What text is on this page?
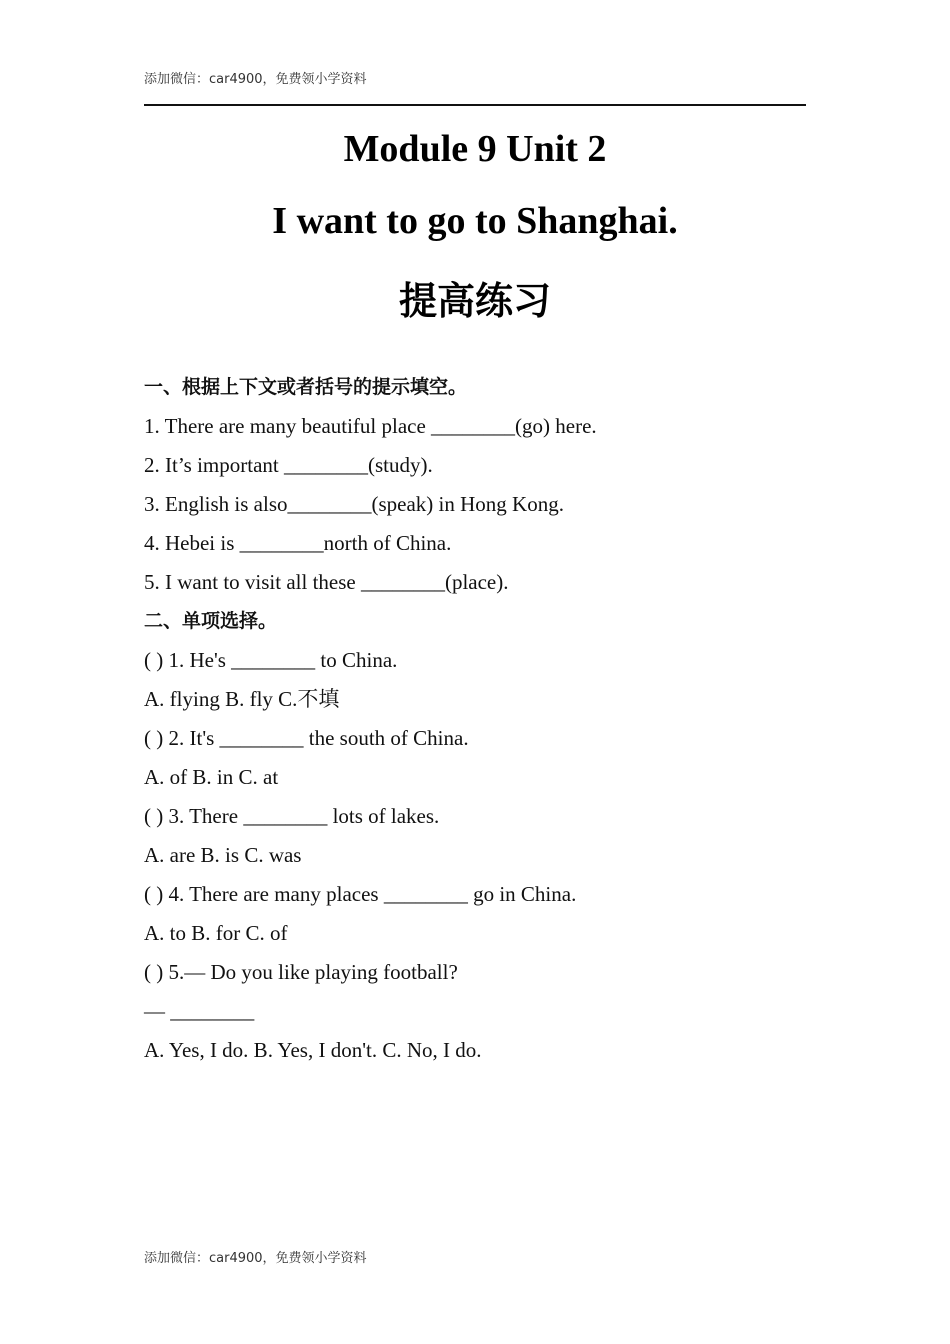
添加微信：car4900，免费领小学资料
Module 9 Unit 2
I want to go to Shanghai.
提高练习
一、根据上下文或者括号的提示填空。
1. There are many beautiful place ________(go) here.
2. It’s important ________(study).
3. English is also________(speak) in Hong Kong.
4. Hebei is ________north of China.
5. I want to visit all these ________(place).
二、单项选择。
( ) 1. He's ________ to China.
A. flying B. fly C.不填
( ) 2. It's ________ the south of China.
A. of B. in C. at
( ) 3. There ________ lots of lakes.
A. are B. is C. was
( ) 4. There are many places ________ go in China.
A. to B. for C. of
( ) 5.— Do you like playing football?
— ________
A. Yes, I do. B. Yes, I don't. C. No, I do.
添加微信：car4900，免费领小学资料
